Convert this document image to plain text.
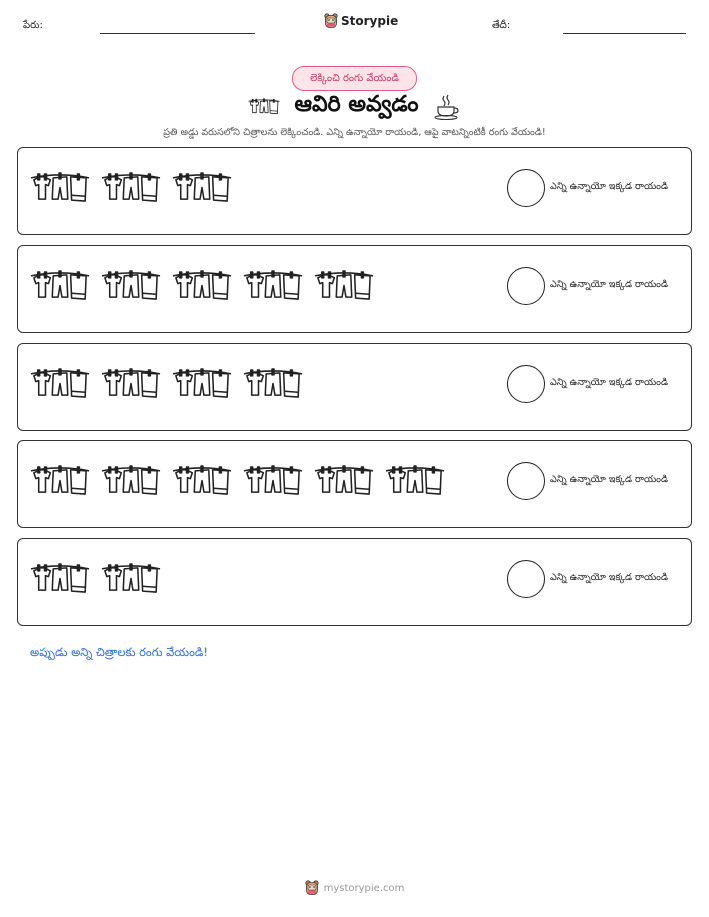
పేరు:	Storypie	తేదీ:
లెక్కించి రంగు వేయండి
ఆవిరి అవ్వడం
ప్రతి అడ్డు వరుసలోని చిత్రాలను లెక్కించండి. ఎన్ని ఉన్నాయో రాయండి, ఆపై వాటన్నింటికీ రంగు వేయండి!
ఎన్ని ఉన్నాయో ఇక్కడ రాయండి
ఎన్ని ఉన్నాయో ఇక్కడ రాయండి
ఎన్ని ఉన్నాయో ఇక్కడ రాయండి
ఎన్ని ఉన్నాయో ఇక్కడ రాయండి
ఎన్ని ఉన్నాయో ఇక్కడ రాయండి
అప్పుడు అన్ని చిత్రాలకు రంగు వేయండి!
mystorypie.com
